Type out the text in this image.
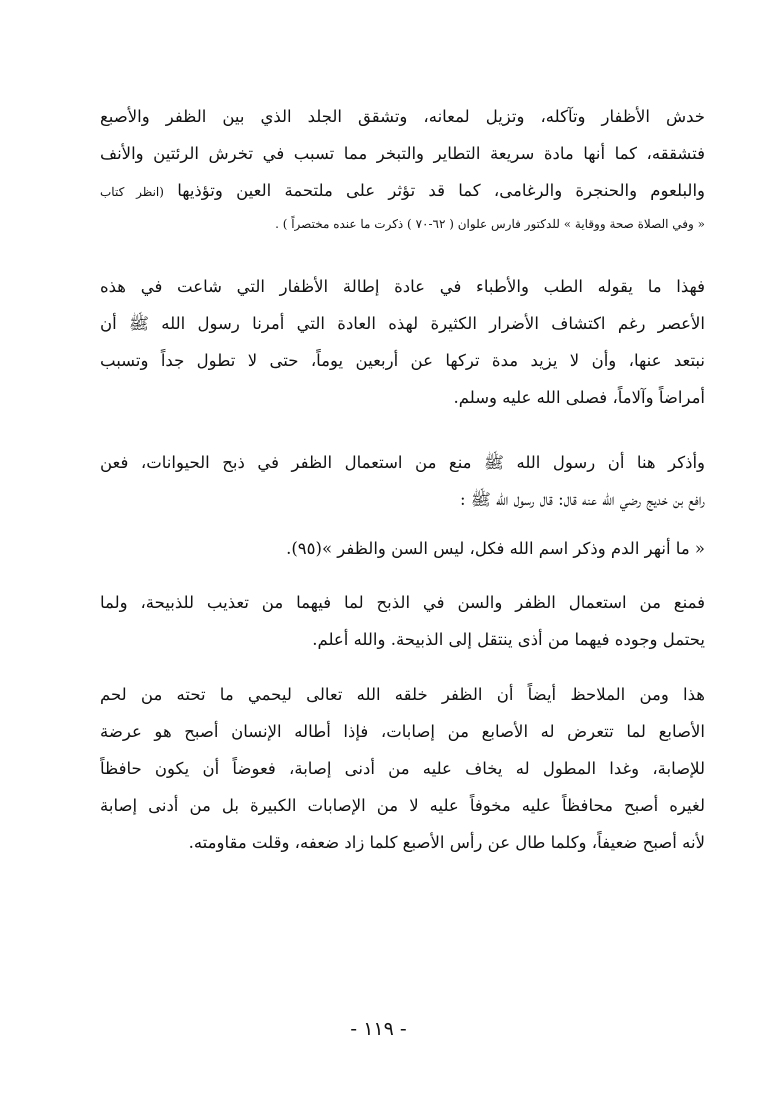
خدش الأظفار وتآكله، وتزيل لمعانه، وتشقق الجلد الذي بين الظفر والأصبع
فتشققه، كما أنها مادة سريعة التطاير والتبخر مما تسبب في تخرش الرئتين والأنف
والبلعوم والحنجرة والرغامى، كما قد تؤثر على ملتحمة العين وتؤذيها (انظر كتاب
« وفي الصلاة صحة ووقاية » للدكتور فارس علوان ( ٦٢-٧٠ ) ذكرت ما عنده مختصراً ) .
فهذا ما يقوله الطب والأطباء في عادة إطالة الأظفار التي شاعت في هذه
الأعصر رغم اكتشاف الأضرار الكثيرة لهذه العادة التي أمرنا رسول الله ﷺ أن
نبتعد عنها، وأن لا يزيد مدة تركها عن أربعين يوماً، حتى لا تطول جداً وتسبب
أمراضاً وآلاماً، فصلى الله عليه وسلم.
وأذكر هنا أن رسول الله ﷺ منع من استعمال الظفر في ذبح الحيوانات، فعن
رافع بن خديج رضي الله عنه قال: قال رسول الله ﷺ :
« ما أنهر الدم وذكر اسم الله فكل، ليس السن والظفر »(٩٥).
فمنع من استعمال الظفر والسن في الذبح لما فيهما من تعذيب للذبيحة، ولما
يحتمل وجوده فيهما من أذى ينتقل إلى الذبيحة. والله أعلم.
هذا ومن الملاحظ أيضاً أن الظفر خلقه الله تعالى ليحمي ما تحته من لحم
الأصابع لما تتعرض له الأصابع من إصابات، فإذا أطاله الإنسان أصبح هو عرضة
للإصابة، وغدا المطول له يخاف عليه من أدنى إصابة، فعوضاً أن يكون حافظاً
لغيره أصبح محافظاً عليه مخوفاً عليه لا من الإصابات الكبيرة بل من أدنى إصابة
لأنه أصبح ضعيفاً، وكلما طال عن رأس الأصبع كلما زاد ضعفه، وقلت مقاومته.
- ١١٩ -
